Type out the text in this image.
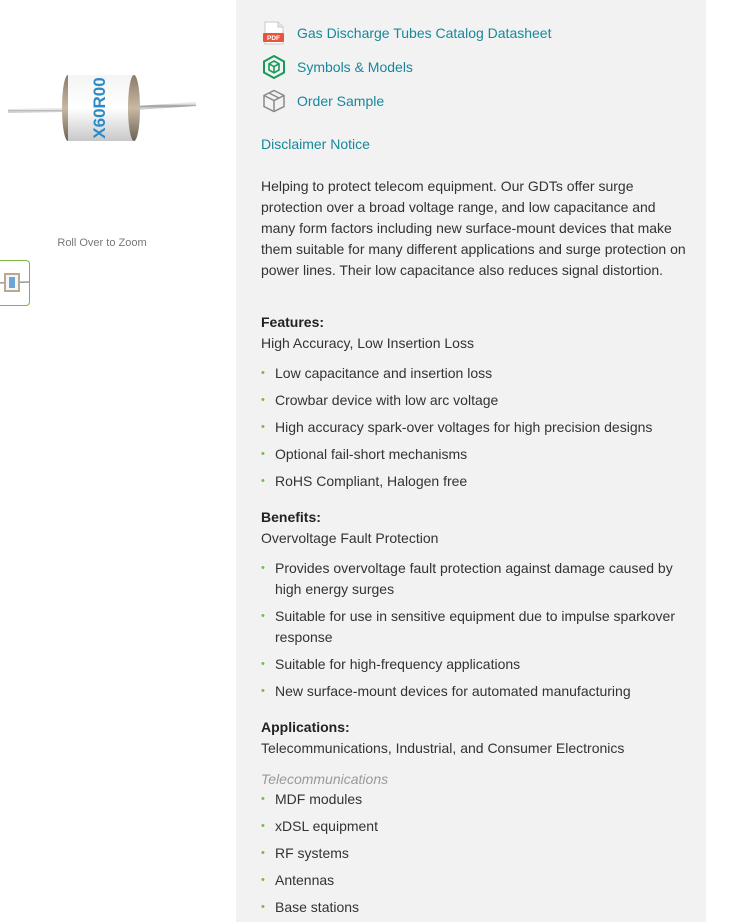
X60R00
Roll Over to Zoom
PDF Gas Discharge Tubes Catalog Datasheet
Symbols & Models
Order Sample
Disclaimer Notice

Helping to protect telecom equipment. Our GDTs offer surge protection over a broad voltage range, and low capacitance and many form factors including new surface-mount devices that make them suitable for many different applications and surge protection on power lines. Their low capacitance also reduces signal distortion.

Features:
High Accuracy, Low Insertion Loss
• Low capacitance and insertion loss
• Crowbar device with low arc voltage
• High accuracy spark-over voltages for high precision designs
• Optional fail-short mechanisms
• RoHS Compliant, Halogen free
Benefits:
Overvoltage Fault Protection
• Provides overvoltage fault protection against damage caused by high energy surges
• Suitable for use in sensitive equipment due to impulse sparkover response
• Suitable for high-frequency applications
• New surface-mount devices for automated manufacturing
Applications:
Telecommunications, Industrial, and Consumer Electronics
Telecommunications
• MDF modules
• xDSL equipment
• RF systems
• Antennas
• Base stations
